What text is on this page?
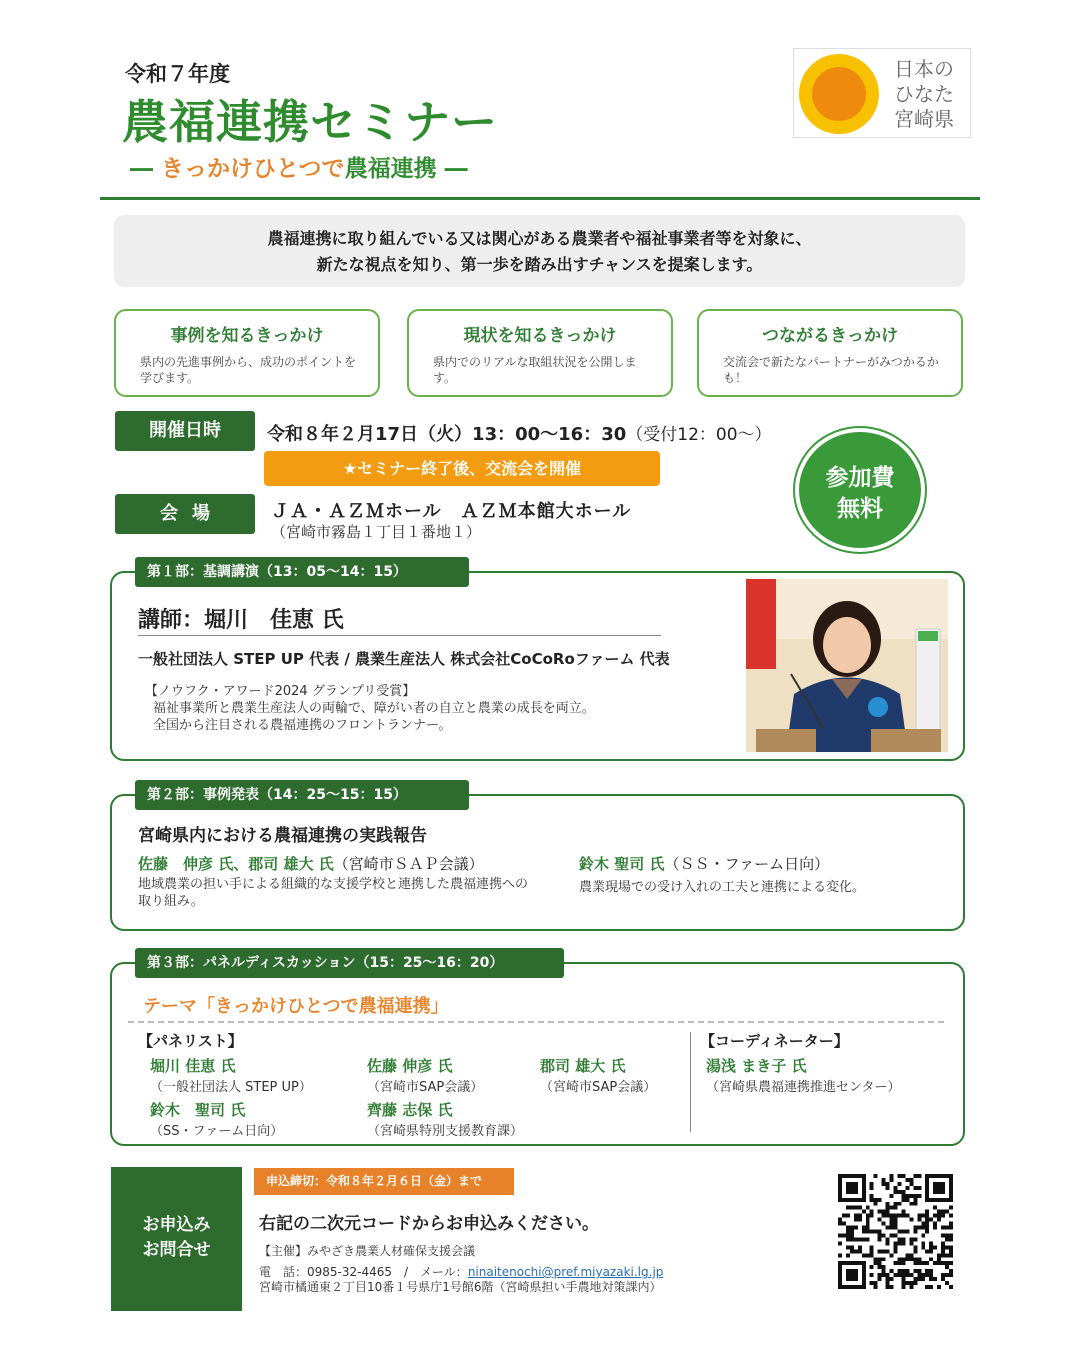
令和７年度
農福連携セミナー
― きっかけひとつで農福連携 ―
日本の
ひなた
宮崎県
農福連携に取り組んでいる又は関心がある農業者や福祉事業者等を対象に、
新たな視点を知り、第一歩を踏み出すチャンスを提案します。
事例を知るきっかけ
県内の先進事例から、成功のポイントを学びます。
現状を知るきっかけ
県内でのリアルな取組状況を公開します。
つながるきっかけ
交流会で新たなパートナーがみつかるかも！
開催日時	令和８年２月17日（火）13：00〜16：30（受付12：00〜）
★セミナー終了後、交流会を開催
会場	ＪＡ・ＡＺＭホール　ＡＺＭ本館大ホール
（宮崎市霧島１丁目１番地１）
参加費
無料
第１部：基調講演（13：05〜14：15）
講師：堀川　佳恵 氏
一般社団法人 STEP UP 代表 / 農業生産法人 株式会社CoCoRoファーム 代表
【ノウフク・アワード2024 グランプリ受賞】
福祉事業所と農業生産法人の両輪で、障がい者の自立と農業の成長を両立。
全国から注目される農福連携のフロントランナー。
第２部：事例発表（14：25〜15：15）
宮崎県内における農福連携の実践報告
佐藤　伸彦 氏、郡司 雄大 氏（宮崎市ＳＡＰ会議）
地域農業の担い手による組織的な支援学校と連携した農福連携への取り組み。
鈴木 聖司 氏（ＳＳ・ファーム日向）
農業現場での受け入れの工夫と連携による変化。
第３部：パネルディスカッション（15：25〜16：20）
テーマ「きっかけひとつで農福連携」
【パネリスト】	【コーディネーター】
堀川 佳恵 氏
（一般社団法人 STEP UP）
佐藤 伸彦 氏
（宮崎市SAP会議）
郡司 雄大 氏
（宮崎市SAP会議）
鈴木　聖司 氏
（SS・ファーム日向）
齊藤 志保 氏
（宮崎県特別支援教育課）
湯浅 まき子 氏
（宮崎県農福連携推進センター）
お申込み
お問合せ
申込締切：令和８年２月６日（金）まで
右記の二次元コードからお申込みください。
【主催】みやざき農業人材確保支援会議
電　話：0985-32-4465　/　メール：ninaitenochi@pref.miyazaki.lg.jp
宮崎市橘通東２丁目10番１号県庁1号館6階（宮崎県担い手農地対策課内）
